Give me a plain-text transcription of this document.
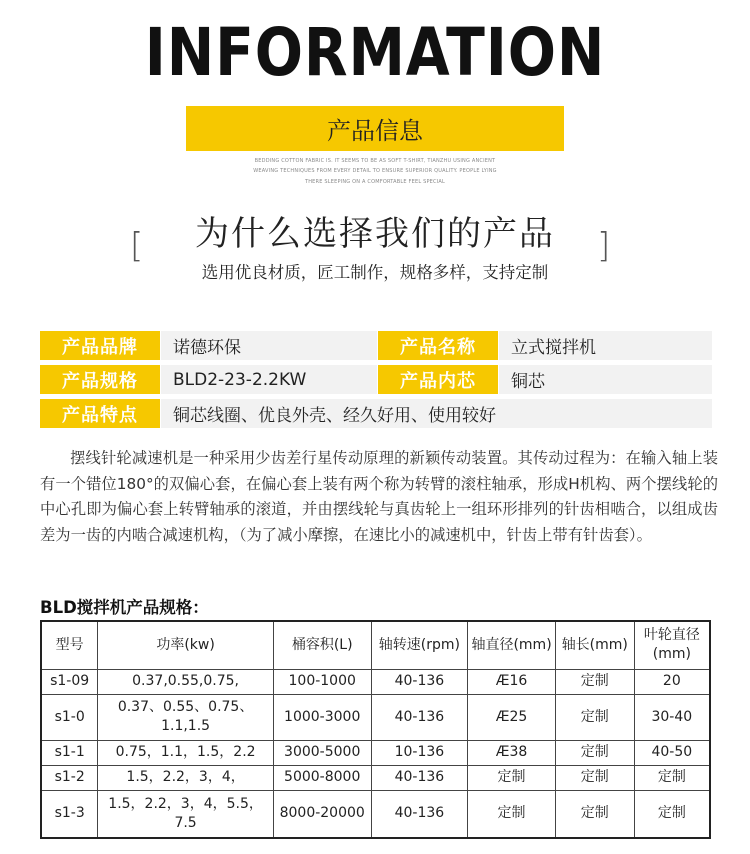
INFORMATION
产品信息
BEDDING COTTON FABRIC IS. IT SEEMS TO BE AS SOFT T-SHIRT, TIANZHU USING ANCIENT
WEAVING TECHNIQUES FROM EVERY DETAIL TO ENSURE SUPERIOR QUALITY. PEOPLE LYING
THERE SLEEPING ON A COMFORTABLE FEEL SPECIAL
[	为什么选择我们的产品	]
选用优良材质，匠工制作，规格多样，支持定制
产品品牌	诺德环保	产品名称	立式搅拌机
产品规格	BLD2-23-2.2KW	产品内芯	铜芯
产品特点	铜芯线圈、优良外壳、经久好用、使用较好
摆线针轮减速机是一种采用少齿差行星传动原理的新颖传动装置。其传动过程为：在输入轴上装有一个错位180°的双偏心套，在偏心套上装有两个称为转臂的滚柱轴承，形成H机构、两个摆线轮的中心孔即为偏心套上转臂轴承的滚道，并由摆线轮与真齿轮上一组环形排列的针齿相啮合，以组成齿差为一齿的内啮合减速机构，（为了减小摩擦，在速比小的减速机中，针齿上带有针齿套）。
BLD搅拌机产品规格：
型号	功率(kw)	桶容积(L)	轴转速(rpm)	轴直径(mm)	轴长(mm)	叶轮直径(mm)
s1-09	0.37,0.55,0.75,	100-1000	40-136	Æ16	定制	20
s1-0	0.37、0.55、0.75、1.1,1.5	1000-3000	40-136	Æ25	定制	30-40
s1-1	0.75，1.1，1.5，2.2	3000-5000	10-136	Æ38	定制	40-50
s1-2	1.5，2.2，3，4，	5000-8000	40-136	定制	定制	定制
s1-3	1.5，2.2，3，4，5.5，7.5	8000-20000	40-136	定制	定制	定制
